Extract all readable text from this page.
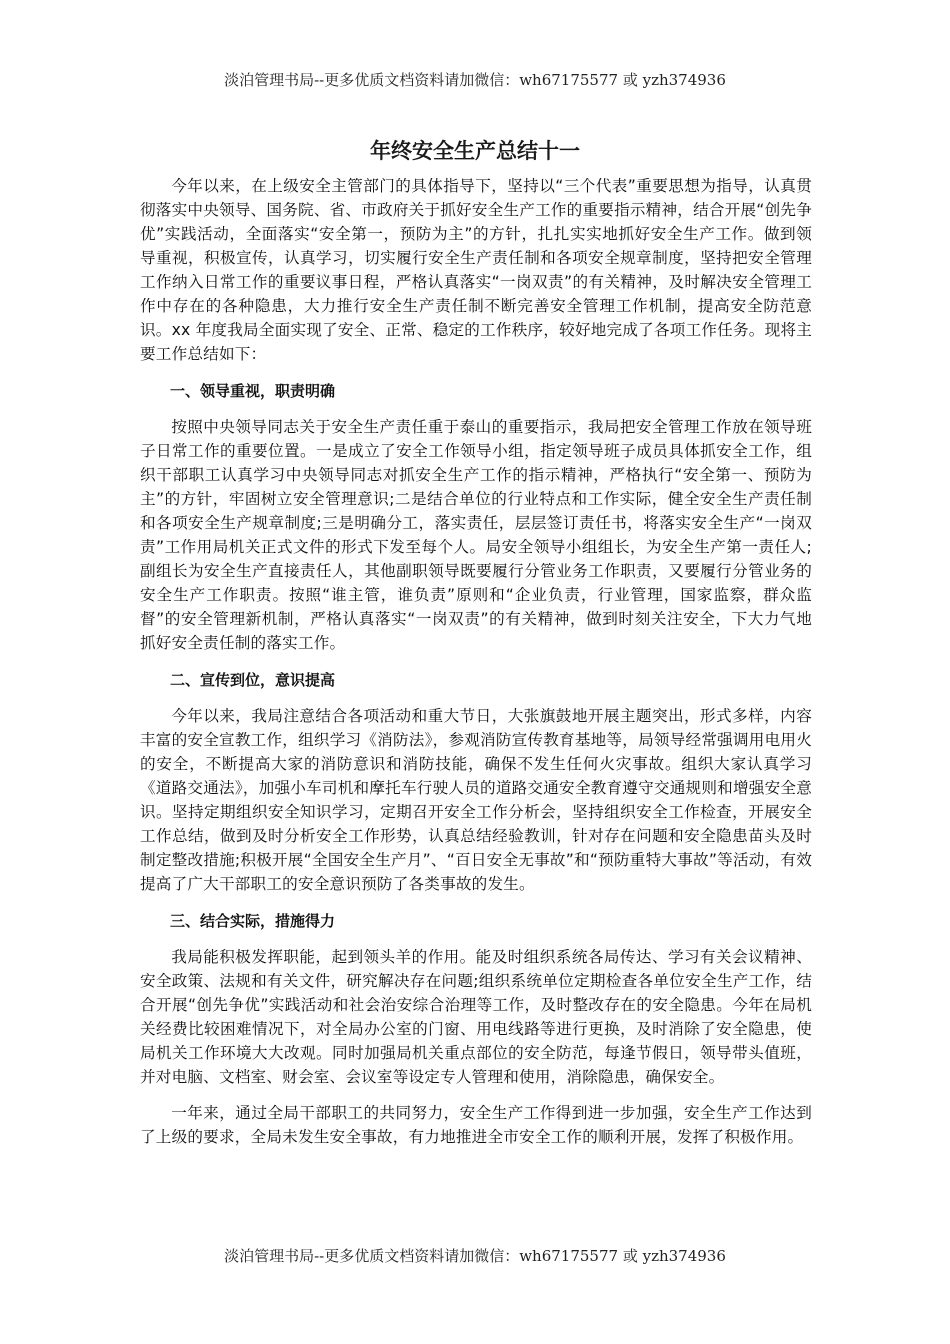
淡泊管理书局--更多优质文档资料请加微信：wh67175577 或 yzh374936
年终安全生产总结十一

今年以来，在上级安全主管部门的具体指导下，坚持以“三个代表”重要思想为指导，认真贯彻落实中央领导、国务院、省、市政府关于抓好安全生产工作的重要指示精神，结合开展“创先争优”实践活动，全面落实“安全第一，预防为主”的方针，扎扎实实地抓好安全生产工作。做到领导重视，积极宣传，认真学习，切实履行安全生产责任制和各项安全规章制度，坚持把安全管理工作纳入日常工作的重要议事日程，严格认真落实“一岗双责”的有关精神，及时解决安全管理工作中存在的各种隐患，大力推行安全生产责任制不断完善安全管理工作机制，提高安全防范意识。xx 年度我局全面实现了安全、正常、稳定的工作秩序，较好地完成了各项工作任务。现将主要工作总结如下：

一、领导重视，职责明确

按照中央领导同志关于安全生产责任重于泰山的重要指示，我局把安全管理工作放在领导班子日常工作的重要位置。一是成立了安全工作领导小组，指定领导班子成员具体抓安全工作，组织干部职工认真学习中央领导同志对抓安全生产工作的指示精神，严格执行“安全第一、预防为主”的方针，牢固树立安全管理意识;二是结合单位的行业特点和工作实际，健全安全生产责任制和各项安全生产规章制度;三是明确分工，落实责任，层层签订责任书，将落实安全生产“一岗双责”工作用局机关正式文件的形式下发至每个人。局安全领导小组组长，为安全生产第一责任人;副组长为安全生产直接责任人，其他副职领导既要履行分管业务工作职责，又要履行分管业务的安全生产工作职责。按照“谁主管，谁负责”原则和“企业负责，行业管理，国家监察，群众监督”的安全管理新机制，严格认真落实“一岗双责”的有关精神，做到时刻关注安全，下大力气地抓好安全责任制的落实工作。

二、宣传到位，意识提高

今年以来，我局注意结合各项活动和重大节日，大张旗鼓地开展主题突出，形式多样，内容丰富的安全宣教工作，组织学习《消防法》，参观消防宣传教育基地等，局领导经常强调用电用火的安全，不断提高大家的消防意识和消防技能，确保不发生任何火灾事故。组织大家认真学习《道路交通法》，加强小车司机和摩托车行驶人员的道路交通安全教育遵守交通规则和增强安全意识。坚持定期组织安全知识学习，定期召开安全工作分析会，坚持组织安全工作检查，开展安全工作总结，做到及时分析安全工作形势，认真总结经验教训，针对存在问题和安全隐患苗头及时制定整改措施;积极开展“全国安全生产月”、“百日安全无事故”和“预防重特大事故”等活动，有效提高了广大干部职工的安全意识预防了各类事故的发生。

三、结合实际，措施得力

我局能积极发挥职能，起到领头羊的作用。能及时组织系统各局传达、学习有关会议精神、安全政策、法规和有关文件，研究解决存在问题;组织系统单位定期检查各单位安全生产工作，结合开展“创先争优”实践活动和社会治安综合治理等工作，及时整改存在的安全隐患。今年在局机关经费比较困难情况下，对全局办公室的门窗、用电线路等进行更换，及时消除了安全隐患，使局机关工作环境大大改观。同时加强局机关重点部位的安全防范，每逢节假日，领导带头值班，并对电脑、文档室、财会室、会议室等设定专人管理和使用，消除隐患，确保安全。

一年来，通过全局干部职工的共同努力，安全生产工作得到进一步加强，安全生产工作达到了上级的要求，全局未发生安全事故，有力地推进全市安全工作的顺利开展，发挥了积极作用。

淡泊管理书局--更多优质文档资料请加微信：wh67175577 或 yzh374936
